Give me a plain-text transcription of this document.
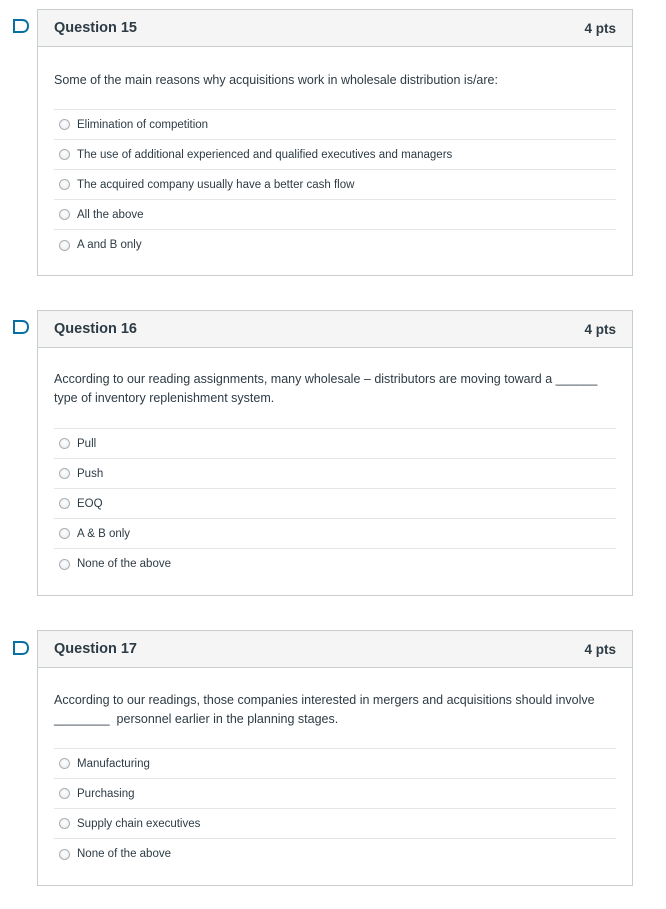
Question 15	4 pts

Some of the main reasons why acquisitions work in wholesale distribution is/are:

Elimination of competition
The use of additional experienced and qualified executives and managers
The acquired company usually have a better cash flow
All the above
A and B only
Question 16	4 pts

According to our reading assignments, many wholesale – distributors are moving toward a ______

type of inventory replenishment system.

Pull
Push
EOQ
A & B only
None of the above
Question 17	4 pts

According to our readings, those companies interested in mergers and acquisitions should involve

________  personnel earlier in the planning stages.

Manufacturing
Purchasing
Supply chain executives
None of the above
